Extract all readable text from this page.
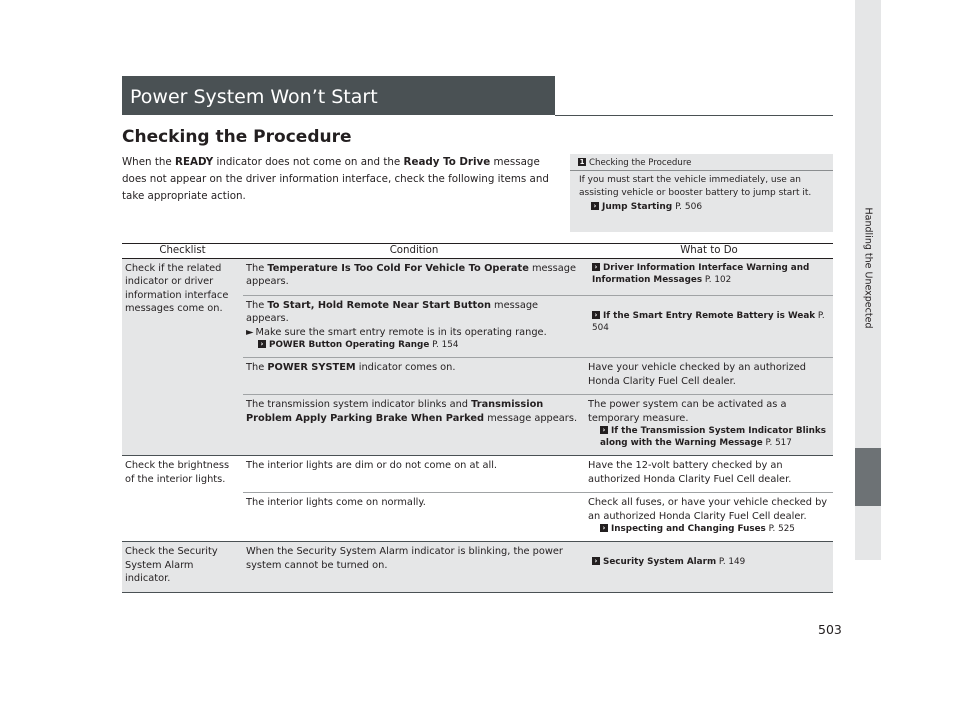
Power System Won’t Start
Checking the Procedure
When the READY indicator does not come on and the Ready To Drive message does not appear on the driver information interface, check the following items and take appropriate action.
1 Checking the Procedure
If you must start the vehicle immediately, use an assisting vehicle or booster battery to jump start it.
› Jump Starting P. 506
Checklist	Condition	What to Do
Check if the related indicator or driver information interface messages come on.	The Temperature Is Too Cold For Vehicle To Operate message appears.	› Driver Information Interface Warning and Information Messages P. 102

	The To Start, Hold Remote Near Start Button message appears.
► Make sure the smart entry remote is in its operating range.
› POWER Button Operating Range P. 154	› If the Smart Entry Remote Battery is Weak P. 504

	The POWER SYSTEM indicator comes on.	Have your vehicle checked by an authorized Honda Clarity Fuel Cell dealer.
	The transmission system indicator blinks and Transmission Problem Apply Parking Brake When Parked message appears.	The power system can be activated as a temporary measure.
› If the Transmission System Indicator Blinks along with the Warning Message P. 517

Check the brightness of the interior lights.	The interior lights are dim or do not come on at all.	Have the 12-volt battery checked by an authorized Honda Clarity Fuel Cell dealer.
	The interior lights come on normally.	Check all fuses, or have your vehicle checked by an authorized Honda Clarity Fuel Cell dealer.
› Inspecting and Changing Fuses P. 525

Check the Security System Alarm indicator.	When the Security System Alarm indicator is blinking, the power system cannot be turned on.	› Security System Alarm P. 149
Handling the Unexpected
503
